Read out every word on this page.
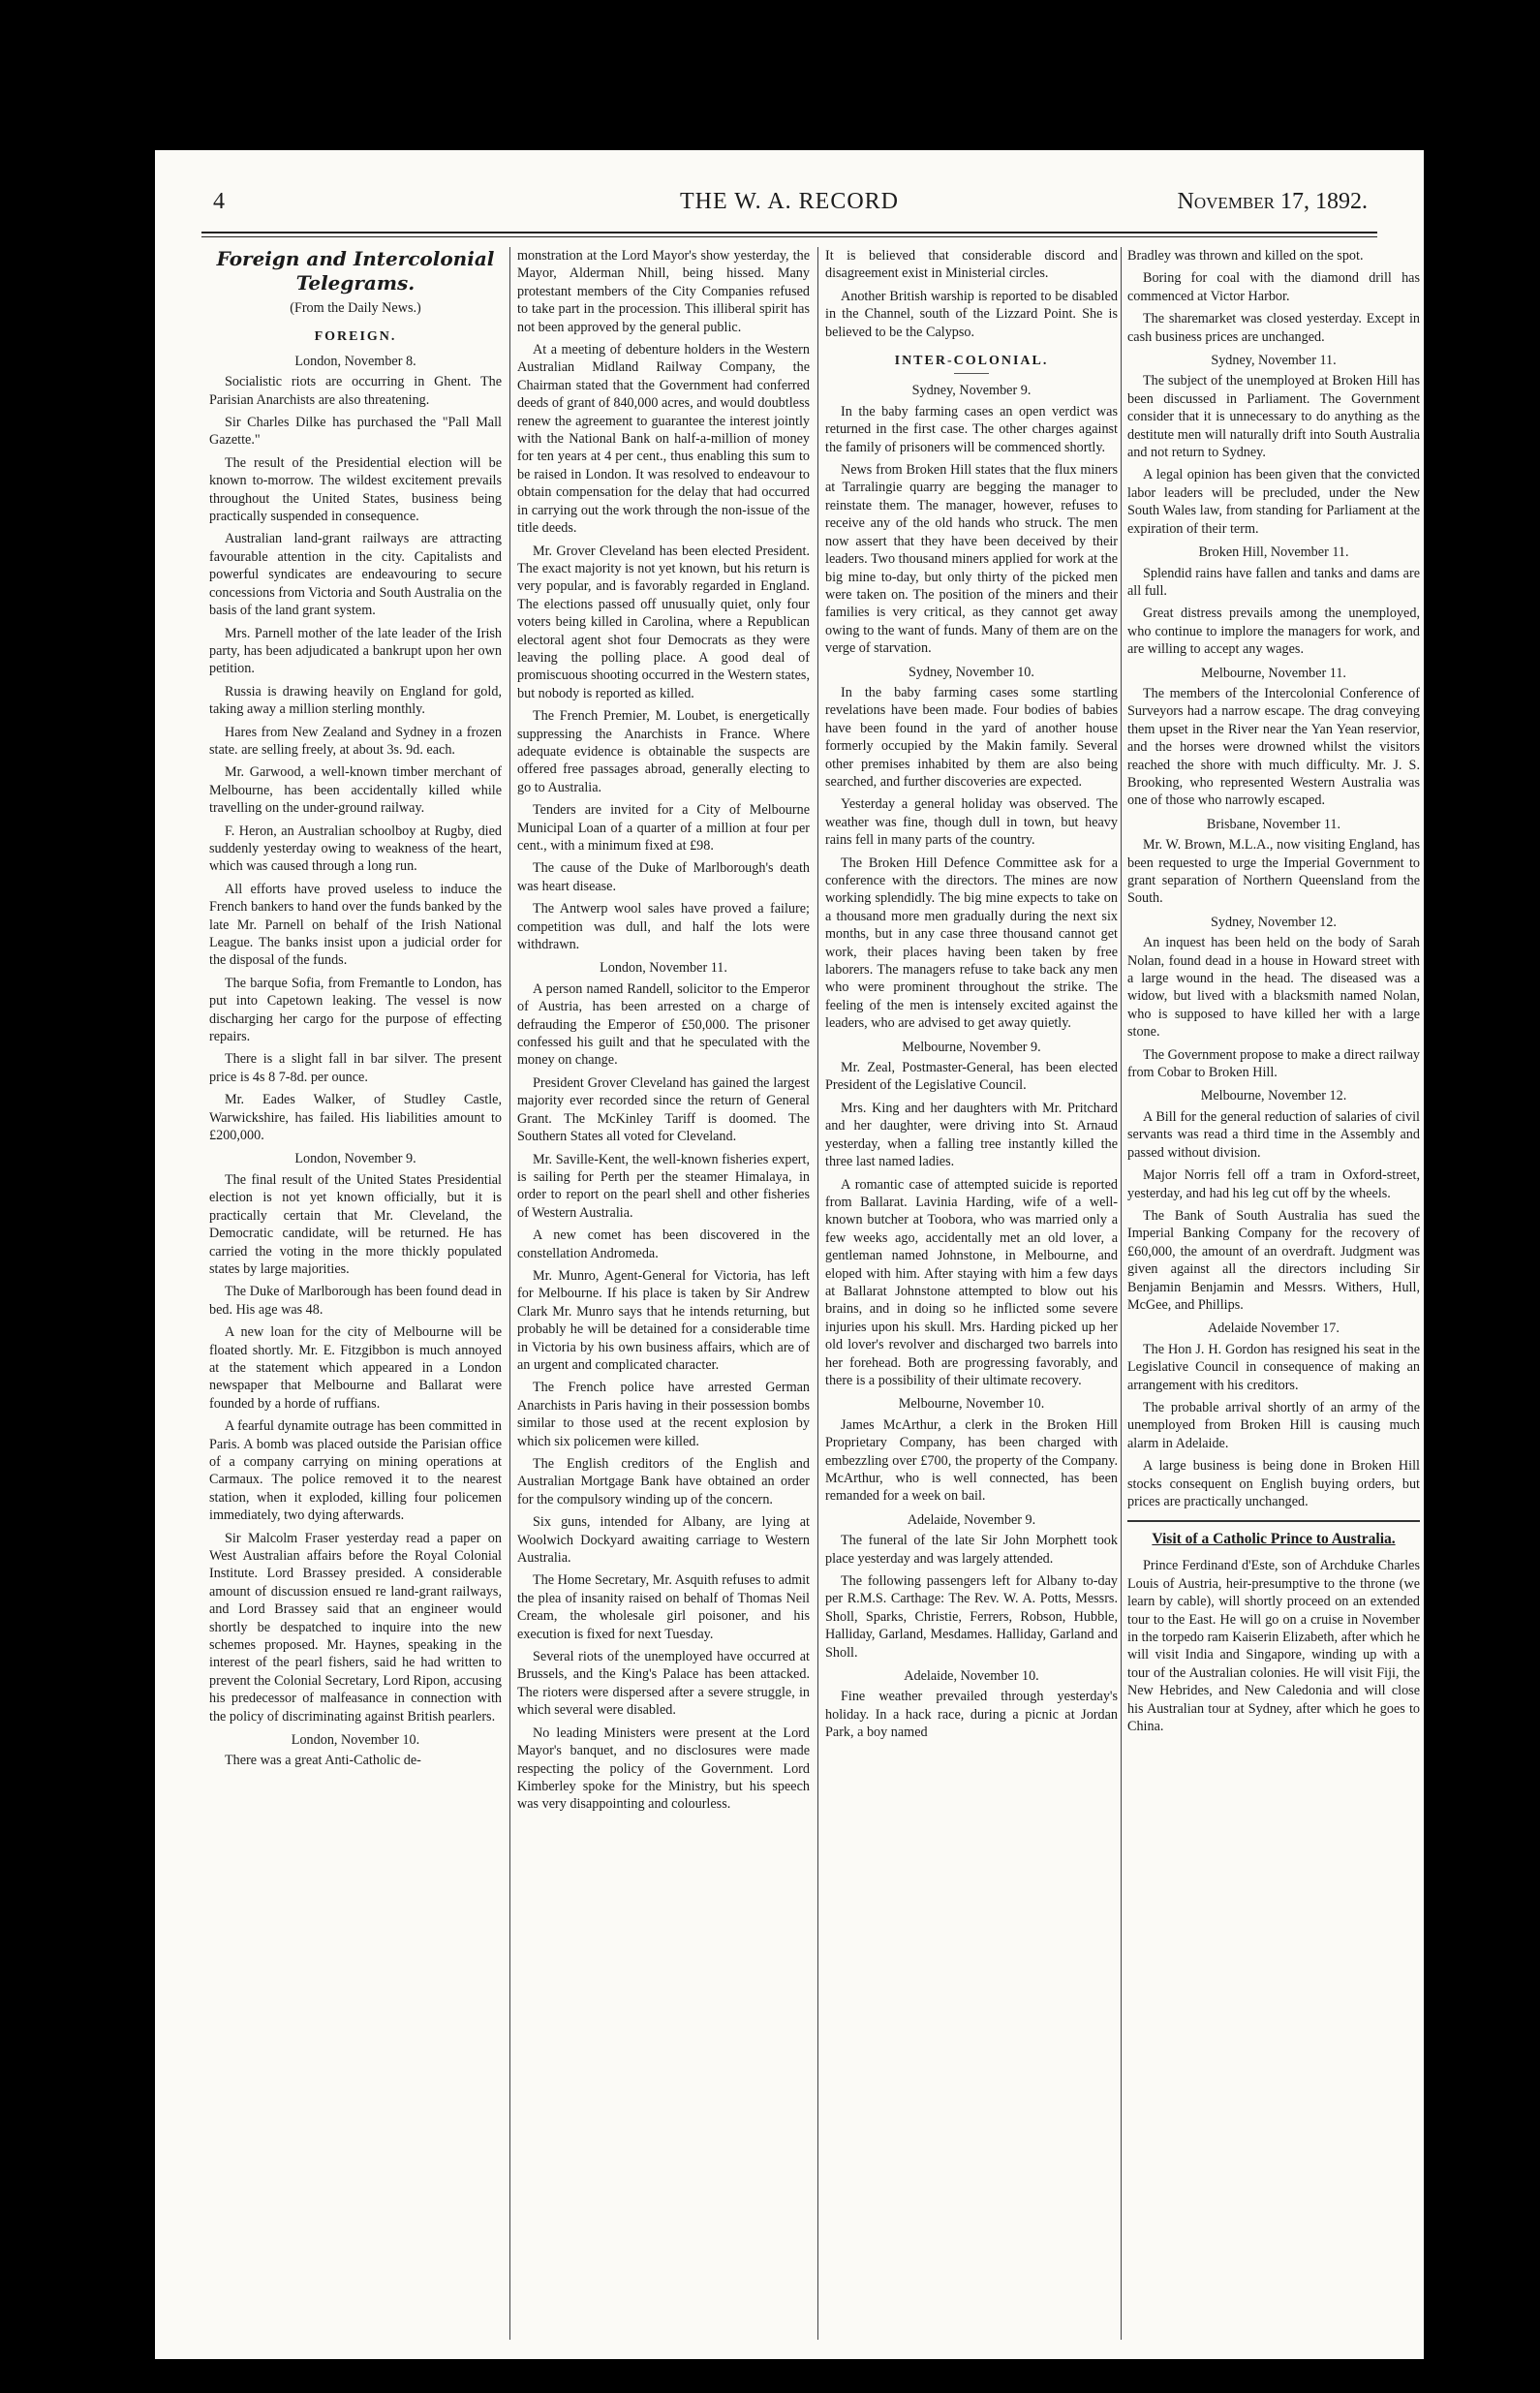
4	THE W. A. RECORD	November 17, 1892.
Foreign and Intercolonial Telegrams.
(From the Daily News.)
FOREIGN.
London, November 8.

Socialistic riots are occurring in Ghent. The Parisian Anarchists are also threatening.

Sir Charles Dilke has purchased the "Pall Mall Gazette."

The result of the Presidential election will be known to-morrow. The wildest excitement prevails throughout the United States, business being practically suspended in consequence.

Australian land-grant railways are attracting favourable attention in the city. Capitalists and powerful syndicates are endeavouring to secure concessions from Victoria and South Australia on the basis of the land grant system.

Mrs. Parnell mother of the late leader of the Irish party, has been adjudicated a bankrupt upon her own petition.

Russia is drawing heavily on England for gold, taking away a million sterling monthly.

Hares from New Zealand and Sydney in a frozen state. are selling freely, at about 3s. 9d. each.

Mr. Garwood, a well-known timber merchant of Melbourne, has been accidentally killed while travelling on the under-ground railway.

F. Heron, an Australian schoolboy at Rugby, died suddenly yesterday owing to weakness of the heart, which was caused through a long run.

All efforts have proved useless to induce the French bankers to hand over the funds banked by the late Mr. Parnell on behalf of the Irish National League. The banks insist upon a judicial order for the disposal of the funds.

The barque Sofia, from Fremantle to London, has put into Capetown leaking. The vessel is now discharging her cargo for the purpose of effecting repairs.

There is a slight fall in bar silver. The present price is 4s 8 7-8d. per ounce.

Mr. Eades Walker, of Studley Castle, Warwickshire, has failed. His liabilities amount to £200,000.

London, November 9.

The final result of the United States Presidential election is not yet known officially, but it is practically certain that Mr. Cleveland, the Democratic candidate, will be returned. He has carried the voting in the more thickly populated states by large majorities.

The Duke of Marlborough has been found dead in bed. His age was 48.

A new loan for the city of Melbourne will be floated shortly. Mr. E. Fitzgibbon is much annoyed at the statement which appeared in a London newspaper that Melbourne and Ballarat were founded by a horde of ruffians.

A fearful dynamite outrage has been committed in Paris. A bomb was placed outside the Parisian office of a company carrying on mining operations at Carmaux. The police removed it to the nearest station, when it exploded, killing four policemen immediately, two dying afterwards.

Sir Malcolm Fraser yesterday read a paper on West Australian affairs before the Royal Colonial Institute. Lord Brassey presided. A considerable amount of discussion ensued re land-grant railways, and Lord Brassey said that an engineer would shortly be despatched to inquire into the new schemes proposed. Mr. Haynes, speaking in the interest of the pearl fishers, said he had written to prevent the Colonial Secretary, Lord Ripon, accusing his predecessor of malfeasance in connection with the policy of discriminating against British pearlers.

London, November 10.

There was a great Anti-Catholic de-

monstration at the Lord Mayor's show yesterday, the Mayor, Alderman Nhill, being hissed. Many protestant members of the City Companies refused to take part in the procession. This illiberal spirit has not been approved by the general public.

At a meeting of debenture holders in the Western Australian Midland Railway Company, the Chairman stated that the Government had conferred deeds of grant of 840,000 acres, and would doubtless renew the agreement to guarantee the interest jointly with the National Bank on half-a-million of money for ten years at 4 per cent., thus enabling this sum to be raised in London. It was resolved to endeavour to obtain compensation for the delay that had occurred in carrying out the work through the non-issue of the title deeds.

Mr. Grover Cleveland has been elected President. The exact majority is not yet known, but his return is very popular, and is favorably regarded in England. The elections passed off unusually quiet, only four voters being killed in Carolina, where a Republican electoral agent shot four Democrats as they were leaving the polling place. A good deal of promiscuous shooting occurred in the Western states, but nobody is reported as killed.

The French Premier, M. Loubet, is energetically suppressing the Anarchists in France. Where adequate evidence is obtainable the suspects are offered free passages abroad, generally electing to go to Australia.

Tenders are invited for a City of Melbourne Municipal Loan of a quarter of a million at four per cent., with a minimum fixed at £98.

The cause of the Duke of Marlborough's death was heart disease.

The Antwerp wool sales have proved a failure; competition was dull, and half the lots were withdrawn.

London, November 11.

A person named Randell, solicitor to the Emperor of Austria, has been arrested on a charge of defrauding the Emperor of £50,000. The prisoner confessed his guilt and that he speculated with the money on change.

President Grover Cleveland has gained the largest majority ever recorded since the return of General Grant. The McKinley Tariff is doomed. The Southern States all voted for Cleveland.

Mr. Saville-Kent, the well-known fisheries expert, is sailing for Perth per the steamer Himalaya, in order to report on the pearl shell and other fisheries of Western Australia.

A new comet has been discovered in the constellation Andromeda.

Mr. Munro, Agent-General for Victoria, has left for Melbourne. If his place is taken by Sir Andrew Clark Mr. Munro says that he intends returning, but probably he will be detained for a considerable time in Victoria by his own business affairs, which are of an urgent and complicated character.

The French police have arrested German Anarchists in Paris having in their possession bombs similar to those used at the recent explosion by which six policemen were killed.

The English creditors of the English and Australian Mortgage Bank have obtained an order for the compulsory winding up of the concern.

Six guns, intended for Albany, are lying at Woolwich Dockyard awaiting carriage to Western Australia.

The Home Secretary, Mr. Asquith refuses to admit the plea of insanity raised on behalf of Thomas Neil Cream, the wholesale girl poisoner, and his execution is fixed for next Tuesday.

Several riots of the unemployed have occurred at Brussels, and the King's Palace has been attacked. The rioters were dispersed after a severe struggle, in which several were disabled.

No leading Ministers were present at the Lord Mayor's banquet, and no disclosures were made respecting the policy of the Government. Lord Kimberley spoke for the Ministry, but his speech was very disappointing and colourless.

It is believed that considerable discord and disagreement exist in Ministerial circles.

Another British warship is reported to be disabled in the Channel, south of the Lizzard Point. She is believed to be the Calypso.

INTER-COLONIAL.
Sydney, November 9.

In the baby farming cases an open verdict was returned in the first case. The other charges against the family of prisoners will be commenced shortly.

News from Broken Hill states that the flux miners at Tarralingie quarry are begging the manager to reinstate them. The manager, however, refuses to receive any of the old hands who struck. The men now assert that they have been deceived by their leaders. Two thousand miners applied for work at the big mine to-day, but only thirty of the picked men were taken on. The position of the miners and their families is very critical, as they cannot get away owing to the want of funds. Many of them are on the verge of starvation.

Sydney, November 10.

In the baby farming cases some startling revelations have been made. Four bodies of babies have been found in the yard of another house formerly occupied by the Makin family. Several other premises inhabited by them are also being searched, and further discoveries are expected.

Yesterday a general holiday was observed. The weather was fine, though dull in town, but heavy rains fell in many parts of the country.

The Broken Hill Defence Committee ask for a conference with the directors. The mines are now working splendidly. The big mine expects to take on a thousand more men gradually during the next six months, but in any case three thousand cannot get work, their places having been taken by free laborers. The managers refuse to take back any men who were prominent throughout the strike. The feeling of the men is intensely excited against the leaders, who are advised to get away quietly.

Melbourne, November 9.

Mr. Zeal, Postmaster-General, has been elected President of the Legislative Council.

Mrs. King and her daughters with Mr. Pritchard and her daughter, were driving into St. Arnaud yesterday, when a falling tree instantly killed the three last named ladies.

A romantic case of attempted suicide is reported from Ballarat. Lavinia Harding, wife of a well-known butcher at Toobora, who was married only a few weeks ago, accidentally met an old lover, a gentleman named Johnstone, in Melbourne, and eloped with him. After staying with him a few days at Ballarat Johnstone attempted to blow out his brains, and in doing so he inflicted some severe injuries upon his skull. Mrs. Harding picked up her old lover's revolver and discharged two barrels into her forehead. Both are progressing favorably, and there is a possibility of their ultimate recovery.

Melbourne, November 10.

James McArthur, a clerk in the Broken Hill Proprietary Company, has been charged with embezzling over £700, the property of the Company. McArthur, who is well connected, has been remanded for a week on bail.

Adelaide, November 9.

The funeral of the late Sir John Morphett took place yesterday and was largely attended.

The following passengers left for Albany to-day per R.M.S. Carthage: The Rev. W. A. Potts, Messrs. Sholl, Sparks, Christie, Ferrers, Robson, Hubble, Halliday, Garland, Mesdames. Halliday, Garland and Sholl.

Adelaide, November 10.

Fine weather prevailed through yesterday's holiday. In a hack race, during a picnic at Jordan Park, a boy named

Bradley was thrown and killed on the spot.

Boring for coal with the diamond drill has commenced at Victor Harbor.

The sharemarket was closed yesterday. Except in cash business prices are unchanged.

Sydney, November 11.

The subject of the unemployed at Broken Hill has been discussed in Parliament. The Government consider that it is unnecessary to do anything as the destitute men will naturally drift into South Australia and not return to Sydney.

A legal opinion has been given that the convicted labor leaders will be precluded, under the New South Wales law, from standing for Parliament at the expiration of their term.

Broken Hill, November 11.

Splendid rains have fallen and tanks and dams are all full.

Great distress prevails among the unemployed, who continue to implore the managers for work, and are willing to accept any wages.

Melbourne, November 11.

The members of the Intercolonial Conference of Surveyors had a narrow escape. The drag conveying them upset in the River near the Yan Yean reservior, and the horses were drowned whilst the visitors reached the shore with much difficulty. Mr. J. S. Brooking, who represented Western Australia was one of those who narrowly escaped.

Brisbane, November 11.

Mr. W. Brown, M.L.A., now visiting England, has been requested to urge the Imperial Government to grant separation of Northern Queensland from the South.

Sydney, November 12.

An inquest has been held on the body of Sarah Nolan, found dead in a house in Howard street with a large wound in the head. The diseased was a widow, but lived with a blacksmith named Nolan, who is supposed to have killed her with a large stone.

The Government propose to make a direct railway from Cobar to Broken Hill.

Melbourne, November 12.

A Bill for the general reduction of salaries of civil servants was read a third time in the Assembly and passed without division.

Major Norris fell off a tram in Oxford-street, yesterday, and had his leg cut off by the wheels.

The Bank of South Australia has sued the Imperial Banking Company for the recovery of £60,000, the amount of an overdraft. Judgment was given against all the directors including Sir Benjamin Benjamin and Messrs. Withers, Hull, McGee, and Phillips.

Adelaide November 17.

The Hon J. H. Gordon has resigned his seat in the Legislative Council in consequence of making an arrangement with his creditors.

The probable arrival shortly of an army of the unemployed from Broken Hill is causing much alarm in Adelaide.

A large business is being done in Broken Hill stocks consequent on English buying orders, but prices are practically unchanged.

Visit of a Catholic Prince to Australia.

Prince Ferdinand d'Este, son of Archduke Charles Louis of Austria, heir-presumptive to the throne (we learn by cable), will shortly proceed on an extended tour to the East. He will go on a cruise in November in the torpedo ram Kaiserin Elizabeth, after which he will visit India and Singapore, winding up with a tour of the Australian colonies. He will visit Fiji, the New Hebrides, and New Caledonia and will close his Australian tour at Sydney, after which he goes to China.
